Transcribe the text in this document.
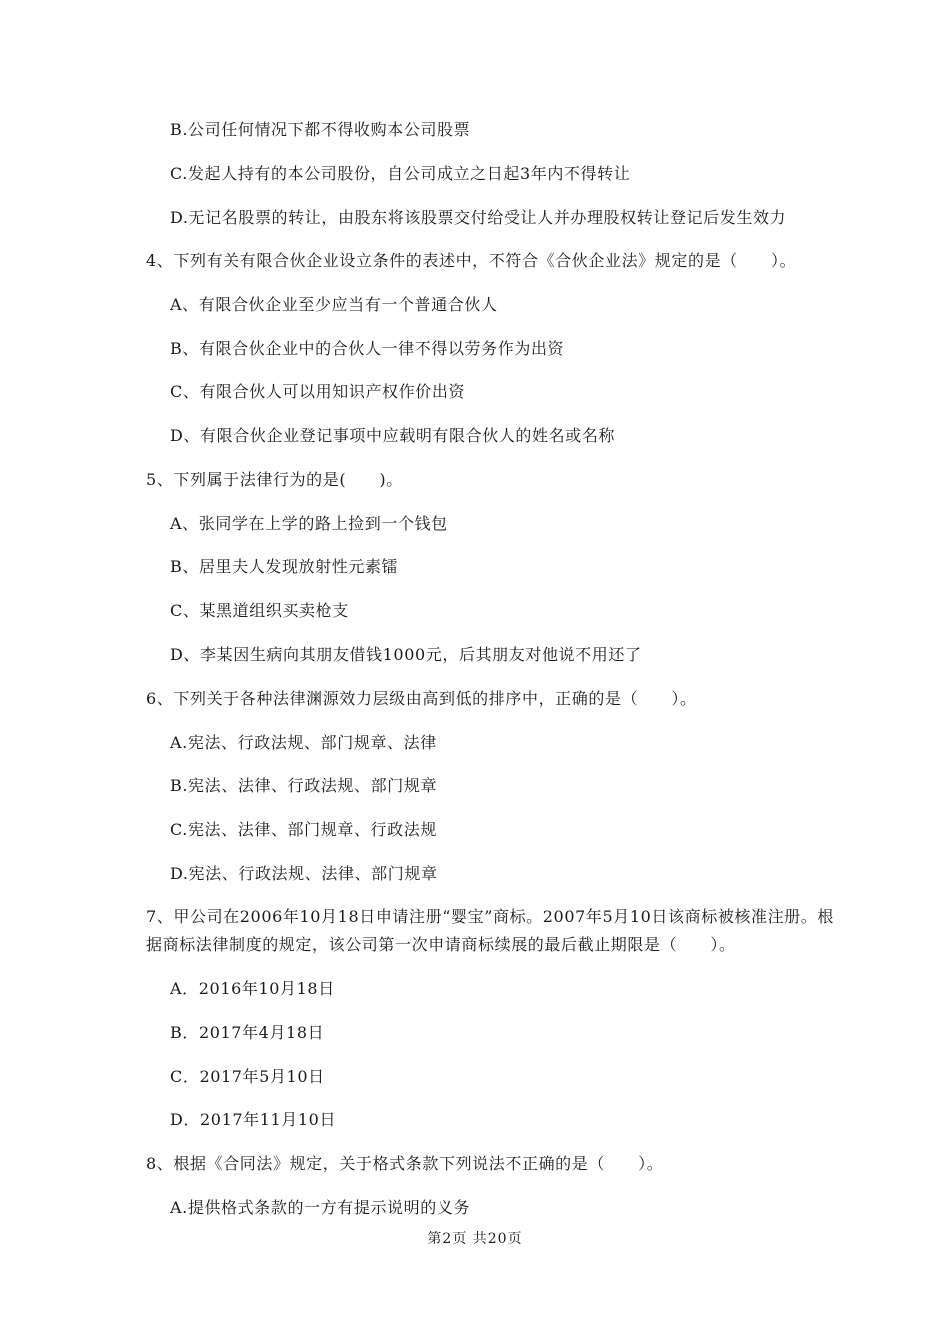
B.公司任何情况下都不得收购本公司股票
C.发起人持有的本公司股份，自公司成立之日起3年内不得转让
D.无记名股票的转让，由股东将该股票交付给受让人并办理股权转让登记后发生效力
4、下列有关有限合伙企业设立条件的表述中，不符合《合伙企业法》规定的是（　　）。
A、有限合伙企业至少应当有一个普通合伙人
B、有限合伙企业中的合伙人一律不得以劳务作为出资
C、有限合伙人可以用知识产权作价出资
D、有限合伙企业登记事项中应载明有限合伙人的姓名或名称
5、下列属于法律行为的是(　　)。
A、张同学在上学的路上捡到一个钱包
B、居里夫人发现放射性元素镭
C、某黑道组织买卖枪支
D、李某因生病向其朋友借钱1000元，后其朋友对他说不用还了
6、下列关于各种法律渊源效力层级由高到低的排序中，正确的是（　　）。
A.宪法、行政法规、部门规章、法律
B.宪法、法律、行政法规、部门规章
C.宪法、法律、部门规章、行政法规
D.宪法、行政法规、法律、部门规章
7、甲公司在2006年10月18日申请注册“婴宝”商标。2007年5月10日该商标被核准注册。根
据商标法律制度的规定，该公司第一次申请商标续展的最后截止期限是（　　）。
A．2016年10月18日
B．2017年4月18日
C．2017年5月10日
D．2017年11月10日
8、根据《合同法》规定，关于格式条款下列说法不正确的是（　　）。
A.提供格式条款的一方有提示说明的义务
第2页 共20页
